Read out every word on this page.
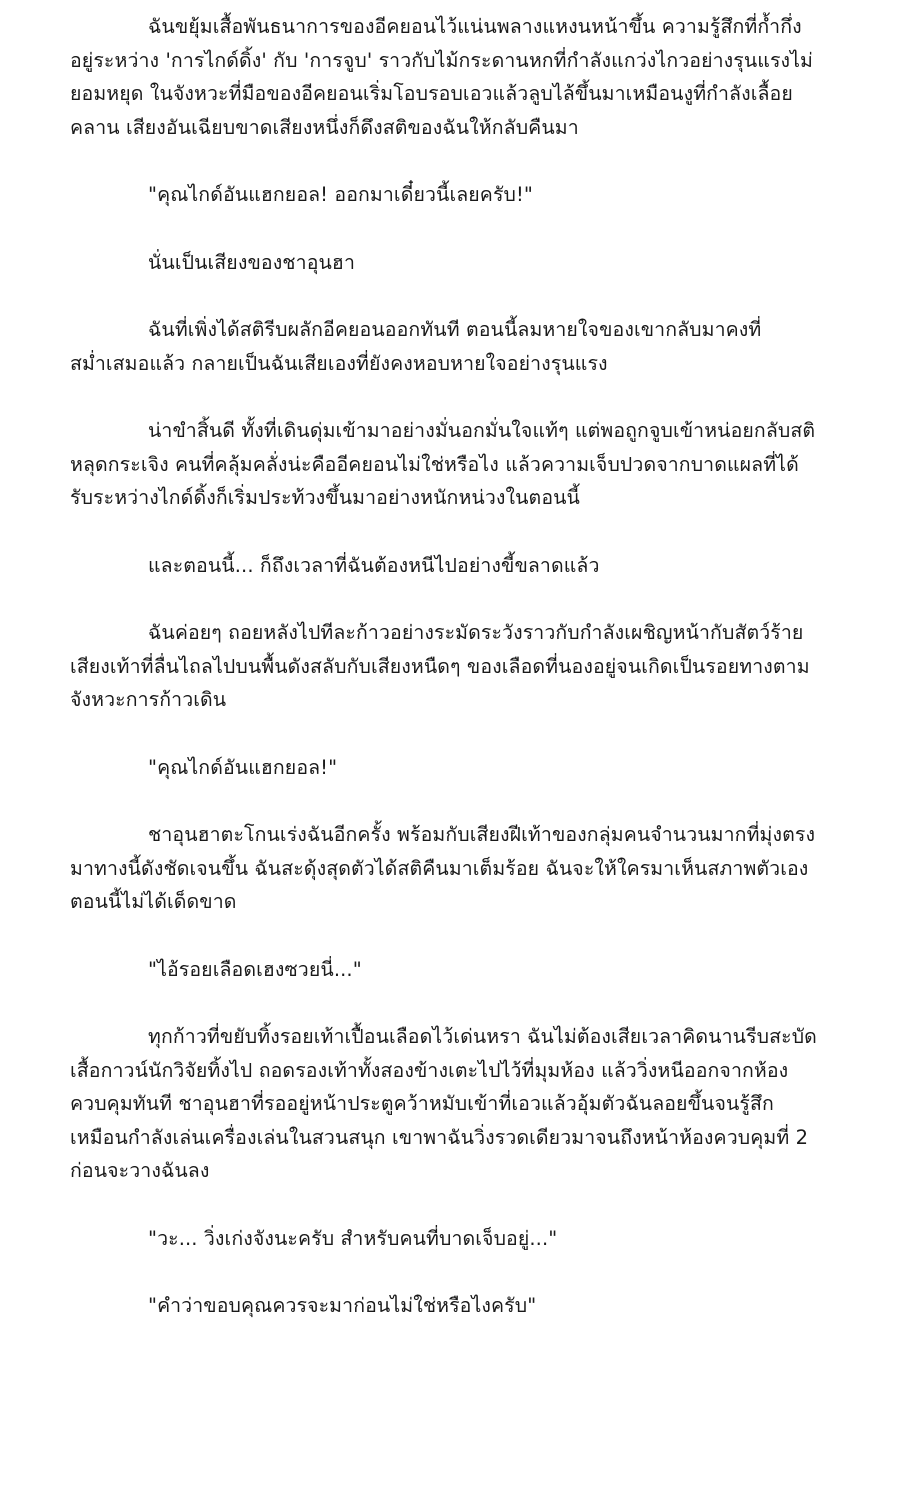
ฉันขยุ้มเสื้อพันธนาการของอีคยอนไว้แน่นพลางแหงนหน้าขึ้น ความรู้สึกที่ก้ำกึ่งอยู่ระหว่าง 'การไกด์ดิ้ง' กับ 'การจูบ' ราวกับไม้กระดานหกที่กำลังแกว่งไกวอย่างรุนแรงไม่ยอมหยุด ในจังหวะที่มือของอีคยอนเริ่มโอบรอบเอวแล้วลูบไล้ขึ้นมาเหมือนงูที่กำลังเลื้อยคลาน เสียงอันเฉียบขาดเสียงหนึ่งก็ดึงสติของฉันให้กลับคืนมา

"คุณไกด์อันแฮกยอล! ออกมาเดี๋ยวนี้เลยครับ!"

นั่นเป็นเสียงของชาอุนฮา

ฉันที่เพิ่งได้สติรีบผลักอีคยอนออกทันที ตอนนี้ลมหายใจของเขากลับมาคงที่สม่ำเสมอแล้ว กลายเป็นฉันเสียเองที่ยังคงหอบหายใจอย่างรุนแรง

น่าขำสิ้นดี ทั้งที่เดินดุ่มเข้ามาอย่างมั่นอกมั่นใจแท้ๆ แต่พอถูกจูบเข้าหน่อยกลับสติหลุดกระเจิง คนที่คลุ้มคลั่งน่ะคืออีคยอนไม่ใช่หรือไง แล้วความเจ็บปวดจากบาดแผลที่ได้รับระหว่างไกด์ดิ้งก็เริ่มประท้วงขึ้นมาอย่างหนักหน่วงในตอนนี้

และตอนนี้... ก็ถึงเวลาที่ฉันต้องหนีไปอย่างขี้ขลาดแล้ว

ฉันค่อยๆ ถอยหลังไปทีละก้าวอย่างระมัดระวังราวกับกำลังเผชิญหน้ากับสัตว์ร้าย เสียงเท้าที่ลื่นไถลไปบนพื้นดังสลับกับเสียงหนืดๆ ของเลือดที่นองอยู่จนเกิดเป็นรอยทางตามจังหวะการก้าวเดิน

"คุณไกด์อันแฮกยอล!"

ชาอุนฮาตะโกนเร่งฉันอีกครั้ง พร้อมกับเสียงฝีเท้าของกลุ่มคนจำนวนมากที่มุ่งตรงมาทางนี้ดังชัดเจนขึ้น ฉันสะดุ้งสุดตัวได้สติคืนมาเต็มร้อย ฉันจะให้ใครมาเห็นสภาพตัวเองตอนนี้ไม่ได้เด็ดขาด

"ไอ้รอยเลือดเฮงซวยนี่..."

ทุกก้าวที่ขยับทิ้งรอยเท้าเปื้อนเลือดไว้เด่นหรา ฉันไม่ต้องเสียเวลาคิดนานรีบสะบัดเสื้อกาวน์นักวิจัยทิ้งไป ถอดรองเท้าทั้งสองข้างเตะไปไว้ที่มุมห้อง แล้ววิ่งหนีออกจากห้องควบคุมทันที ชาอุนฮาที่รออยู่หน้าประตูคว้าหมับเข้าที่เอวแล้วอุ้มตัวฉันลอยขึ้นจนรู้สึกเหมือนกำลังเล่นเครื่องเล่นในสวนสนุก เขาพาฉันวิ่งรวดเดียวมาจนถึงหน้าห้องควบคุมที่ 2 ก่อนจะวางฉันลง

"วะ... วิ่งเก่งจังนะครับ สำหรับคนที่บาดเจ็บอยู่..."

"คำว่าขอบคุณควรจะมาก่อนไม่ใช่หรือไงครับ"
